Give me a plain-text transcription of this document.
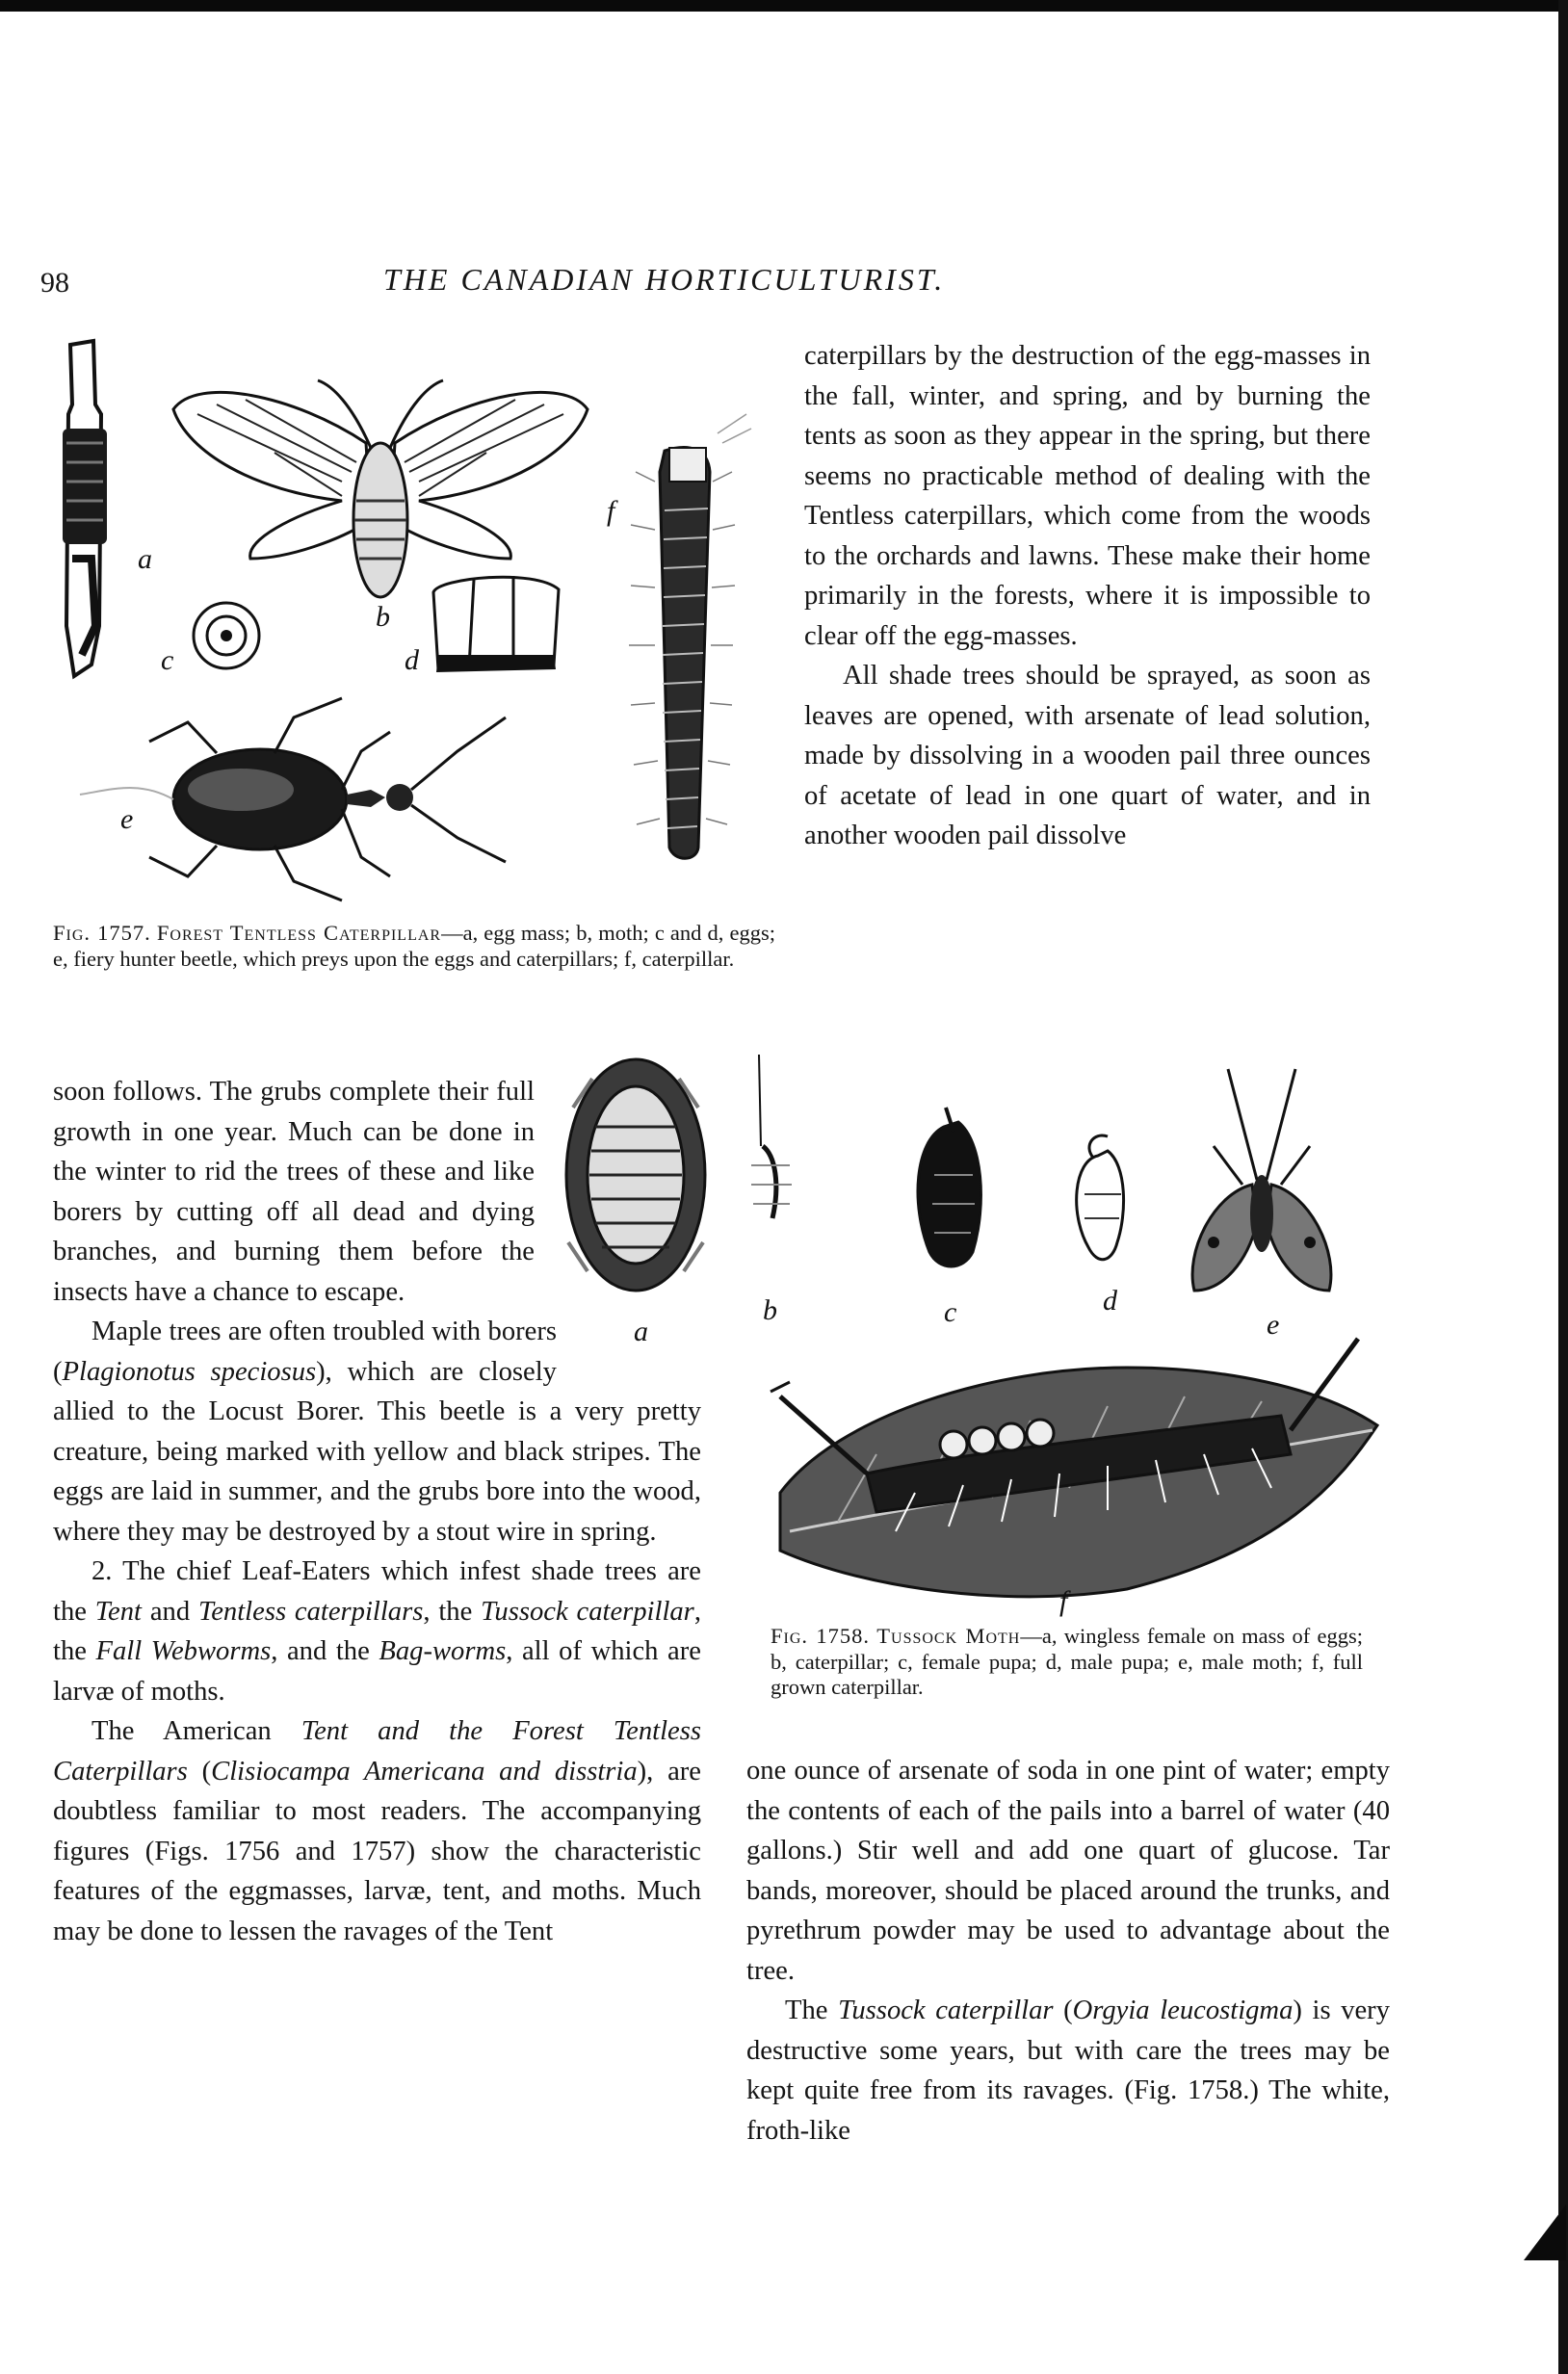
98	THE CANADIAN HORTICULTURIST.
a
b
c	d
e
f
Fig. 1757. Forest Tentless Caterpillar—a, egg mass; b, moth; c and d, eggs; e, fiery hunter beetle, which preys upon the eggs and caterpillars; f, caterpillar.

caterpillars by the destruction of the egg-masses in the fall, winter, and spring, and by burning the tents as soon as they appear in the spring, but there seems no practicable method of dealing with the Tentless caterpillars, which come from the woods to the orchards and lawns. These make their home primarily in the forests, where it is impossible to clear off the egg-masses.

All shade trees should be sprayed, as soon as leaves are opened, with arsenate of lead solution, made by dissolving in a wooden pail three ounces of acetate of lead in one quart of water, and in another wooden pail dissolve

a
b	c	d
e
f
Fig. 1758. Tussock Moth—a, wingless female on mass of eggs; b, caterpillar; c, female pupa; d, male pupa; e, male moth; f, full grown caterpillar.

soon follows. The grubs complete their full growth in one year. Much can be done in the winter to rid the trees of these and like borers by cutting off all dead and dying branches, and burning them before the insects have a chance to escape.

Maple trees are often troubled with borers (Plagionotus speciosus), which are closely allied to the Locust Borer. This beetle is a very pretty creature, being marked with yellow and black stripes. The eggs are laid in summer, and the grubs bore into the wood, where they may be destroyed by a stout wire in spring.

2. The chief Leaf-Eaters which infest shade trees are the Tent and Tentless caterpillars, the Tussock caterpillar, the Fall Webworms, and the Bag-worms, all of which are larvæ of moths.

The American Tent and the Forest Tentless Caterpillars (Clisiocampa Americana and disstria), are doubtless familiar to most readers. The accompanying figures (Figs. 1756 and 1757) show the characteristic features of the eggmasses, larvæ, tent, and moths. Much may be done to lessen the ravages of the Tent

one ounce of arsenate of soda in one pint of water; empty the contents of each of the pails into a barrel of water (40 gallons.) Stir well and add one quart of glucose. Tar bands, moreover, should be placed around the trunks, and pyrethrum powder may be used to advantage about the tree.

The Tussock caterpillar (Orgyia leucostigma) is very destructive some years, but with care the trees may be kept quite free from its ravages. (Fig. 1758.) The white, froth-like
